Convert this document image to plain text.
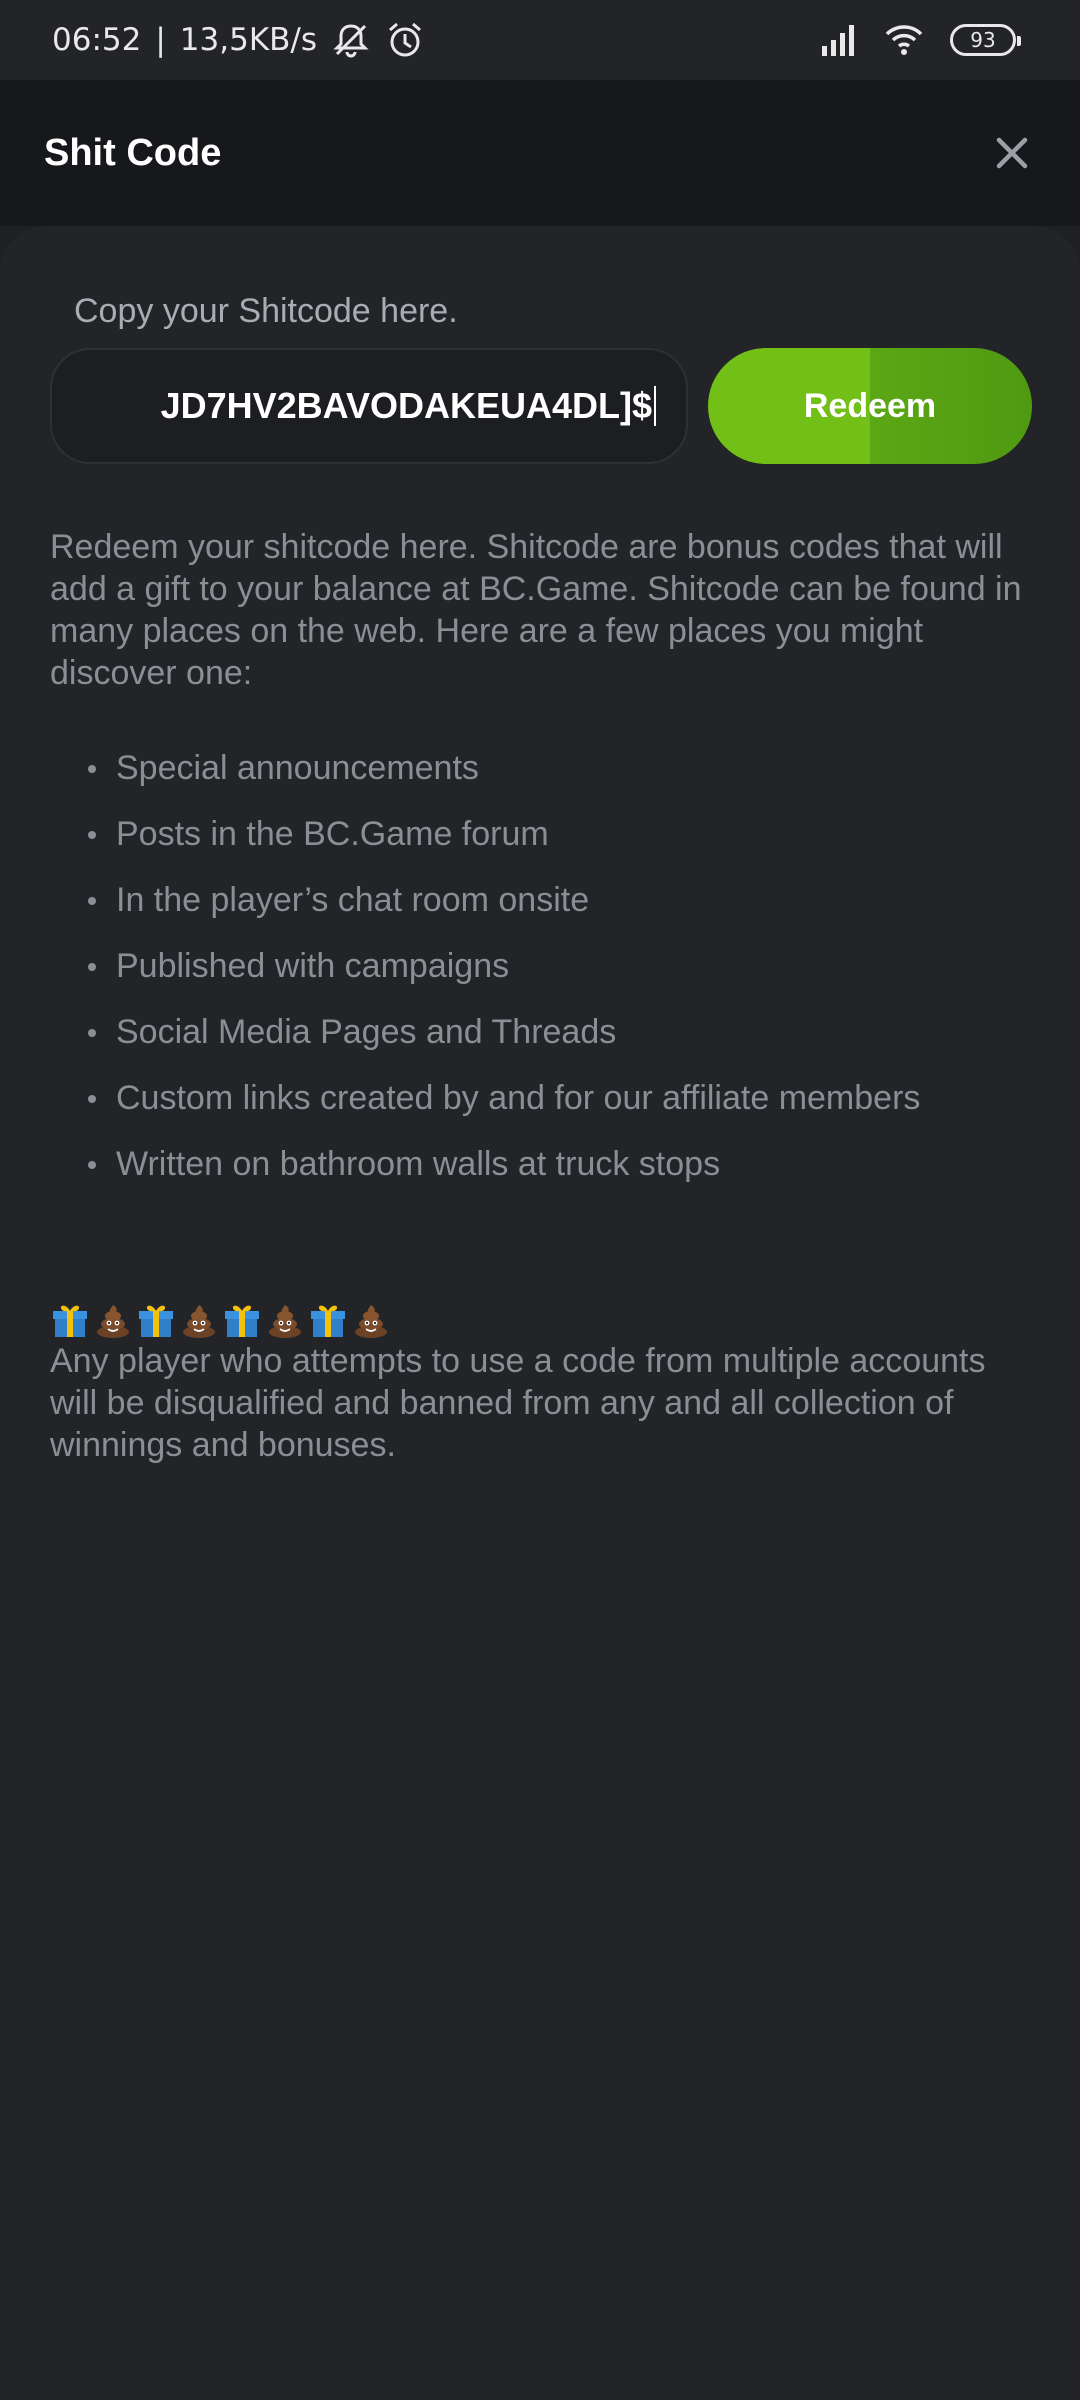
06:52 | 13,5KB/s	93
Shit Code
Copy your Shitcode here.
JD7HV2BAVODAKEUA4DL]$	Redeem
Redeem your shitcode here. Shitcode are bonus codes that will add a gift to your balance at BC.Game. Shitcode can be found in many places on the web. Here are a few places you might discover one:
Special announcements
Posts in the BC.Game forum
In the player’s chat room onsite
Published with campaigns
Social Media Pages and Threads
Custom links created by and for our affiliate members
Written on bathroom walls at truck stops
Any player who attempts to use a code from multiple accounts will be disqualified and banned from any and all collection of winnings and bonuses.
